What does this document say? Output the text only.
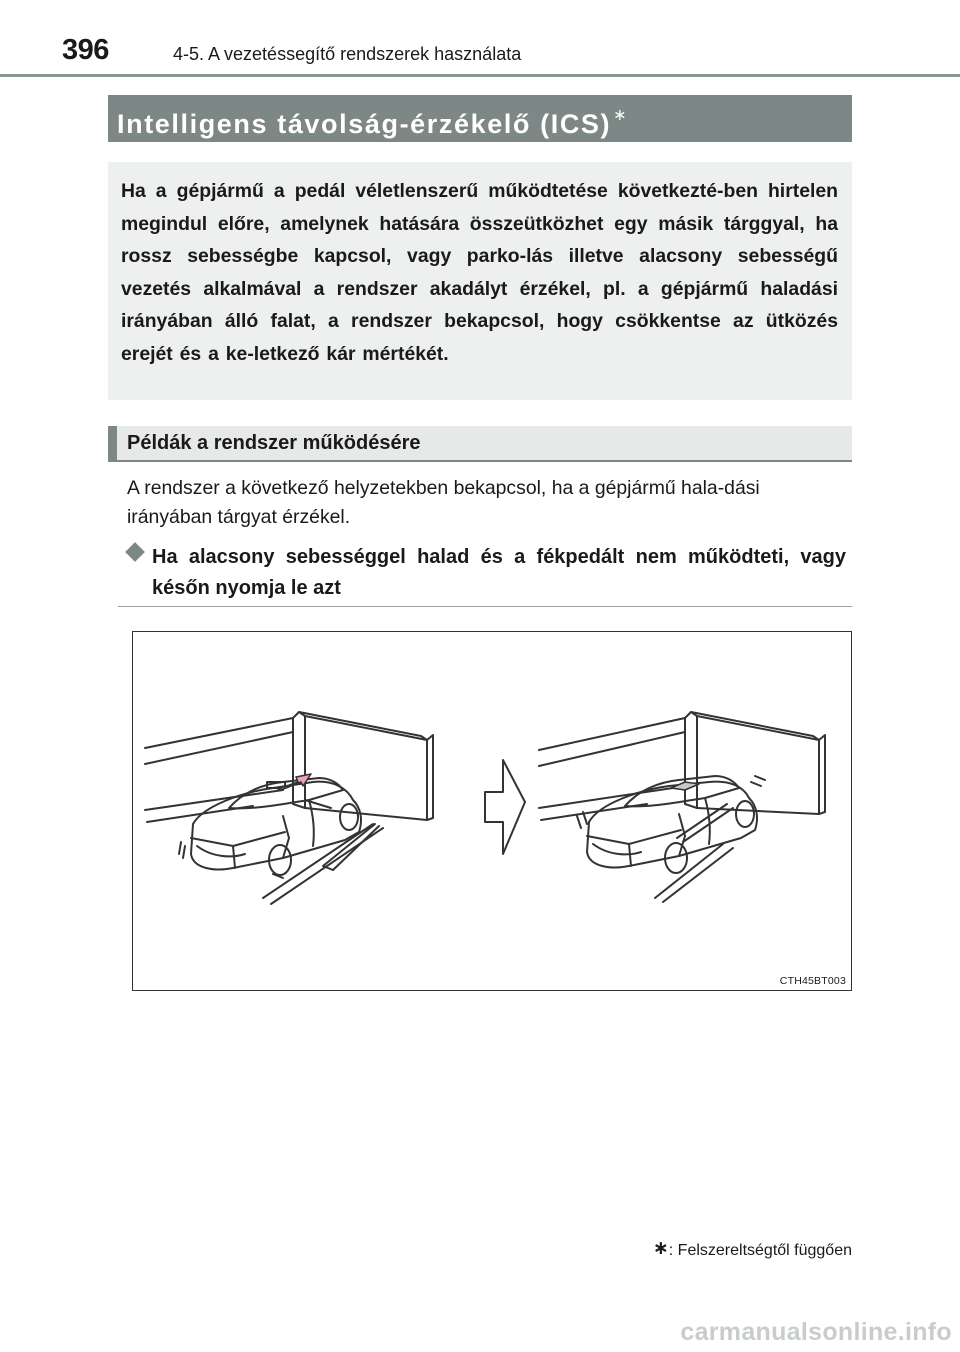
396	4-5. A vezetéssegítő rendszerek használata
Intelligens távolság-érzékelő (ICS) ∗

Ha a gépjármű a pedál véletlenszerű működtetése következté-ben hirtelen megindul előre, amelynek hatására összeütközhet egy másik tárggyal, ha rossz sebességbe kapcsol, vagy parko-lás illetve alacsony sebességű vezetés alkalmával a rendszer akadályt érzékel, pl. a gépjármű haladási irányában álló falat, a rendszer bekapcsol, hogy csökkentse az ütközés erejét és a ke-letkező kár mértékét.

Példák a rendszer működésére

A rendszer a következő helyzetekben bekapcsol, ha a gépjármű hala-dási irányában tárgyat érzékel.

Ha alacsony sebességgel halad és a fékpedált nem működteti, vagy későn nyomja le azt

CTH45BT003
∗: Felszereltségtől függően
carmanualsonline.info
